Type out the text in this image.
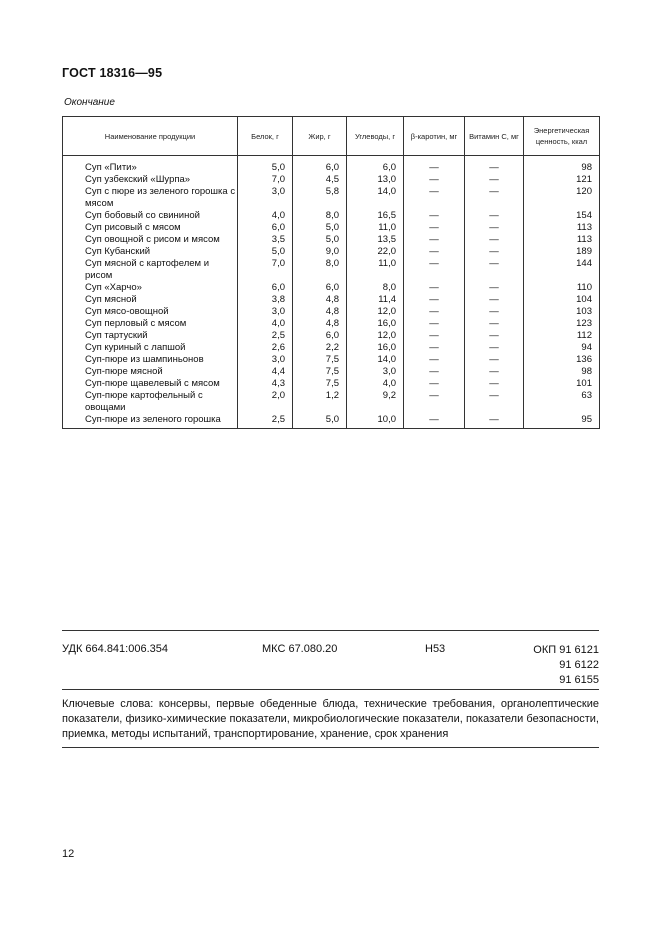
ГОСТ 18316—95
Окончание
Наименование продукции	Белок, г	Жир, г	Углеводы, г	β-каротин, мг	Витамин С, мг	Энергетическая ценность, ккал

Суп «Пити»	5,0	6,0	6,0	—	—	98
Суп узбекский «Шурпа»	7,0	4,5	13,0	—	—	121
Суп с пюре из зеленого горошка с мясом	3,0	5,8	14,0	—	—	120
Суп бобовый со свининой	4,0	8,0	16,5	—	—	154
Суп рисовый с мясом	6,0	5,0	11,0	—	—	113
Суп овощной с рисом и мясом	3,5	5,0	13,5	—	—	113
Суп Кубанский	5,0	9,0	22,0	—	—	189
Суп мясной с картофелем и рисом	7,0	8,0	11,0	—	—	144
Суп «Харчо»	6,0	6,0	8,0	—	—	110
Суп мясной	3,8	4,8	11,4	—	—	104
Суп мясо-овощной	3,0	4,8	12,0	—	—	103
Суп перловый с мясом	4,0	4,8	16,0	—	—	123
Суп тартуский	2,5	6,0	12,0	—	—	112
Суп куриный с лапшой	2,6	2,2	16,0	—	—	94
Суп-пюре из шампиньонов	3,0	7,5	14,0	—	—	136
Суп-пюре мясной	4,4	7,5	3,0	—	—	98
Суп-пюре щавелевый с мясом	4,3	7,5	4,0	—	—	101
Суп-пюре картофельный с овощами	2,0	1,2	9,2	—	—	63
Суп-пюре из зеленого горошка	2,5	5,0	10,0	—	—	95
УДК 664.841:006.354	МКС 67.080.20	Н53	ОКП 91 6121
91 6122
91 6155
Ключевые слова: консервы, первые обеденные блюда, технические требования, органолептические показатели, физико-химические показатели, микробиологические показатели, показатели безопасности, приемка, методы испытаний, транспортирование, хранение, срок хранения
12
